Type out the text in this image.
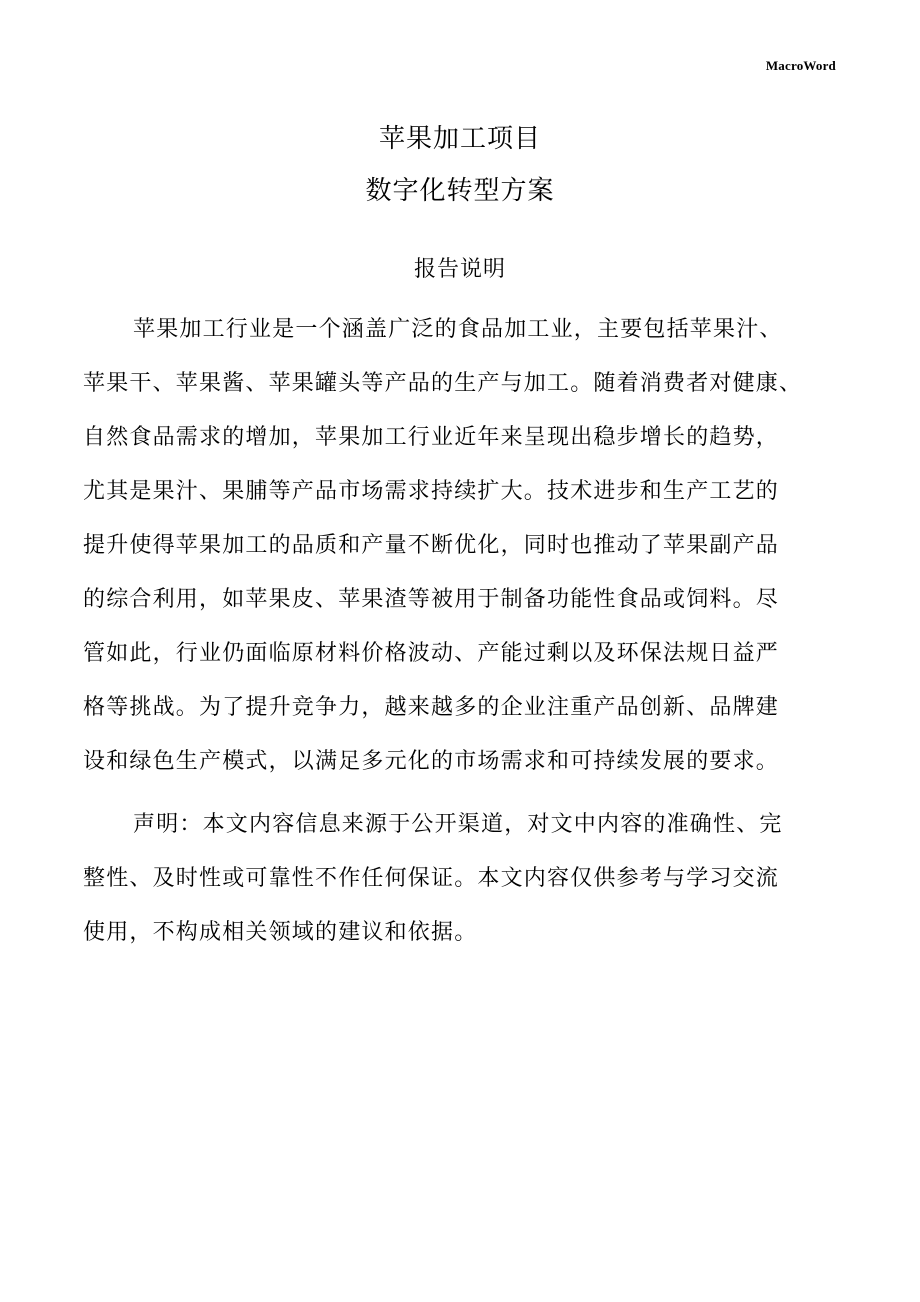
MacroWord
苹果加工项目
数字化转型方案
报告说明
苹果加工行业是一个涵盖广泛的食品加工业，主要包括苹果汁、
苹果干、苹果酱、苹果罐头等产品的生产与加工。随着消费者对健康、
自然食品需求的增加，苹果加工行业近年来呈现出稳步增长的趋势，
尤其是果汁、果脯等产品市场需求持续扩大。技术进步和生产工艺的
提升使得苹果加工的品质和产量不断优化，同时也推动了苹果副产品
的综合利用，如苹果皮、苹果渣等被用于制备功能性食品或饲料。尽
管如此，行业仍面临原材料价格波动、产能过剩以及环保法规日益严
格等挑战。为了提升竞争力，越来越多的企业注重产品创新、品牌建
设和绿色生产模式，以满足多元化的市场需求和可持续发展的要求。
声明：本文内容信息来源于公开渠道，对文中内容的准确性、完
整性、及时性或可靠性不作任何保证。本文内容仅供参考与学习交流
使用，不构成相关领域的建议和依据。
